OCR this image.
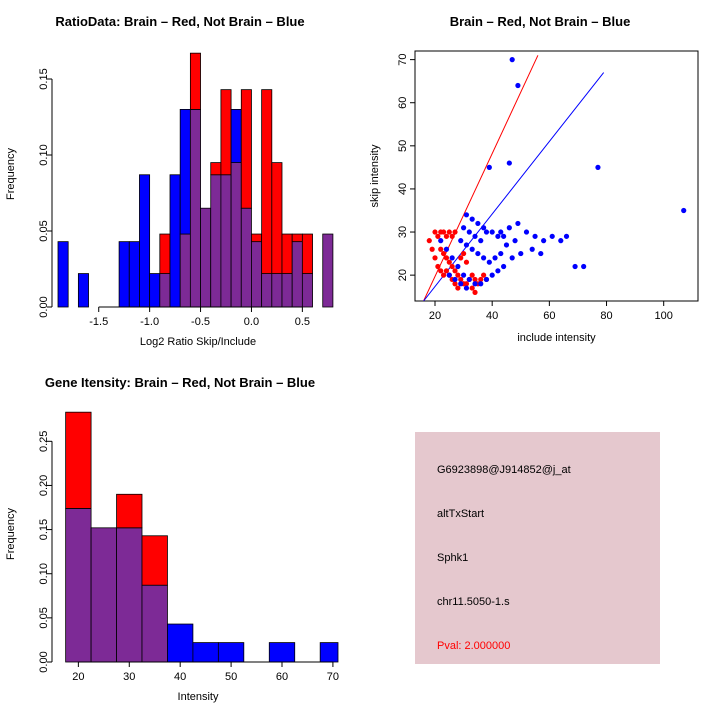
RatioData: Brain – Red, Not Brain – Blue
-1.5	-1.0	-0.5	0.0	0.5
0.00
0.05
0.10
0.15
Log2 Ratio Skip/Include
Frequency
Brain – Red, Not Brain – Blue
20	40	60	80	100
20
30
40
50
60
70
include intensity
skip intensity
Gene Itensity: Brain – Red, Not Brain – Blue
20	30	40	50	60	70
0.00
0.05
0.10
0.15
0.20
0.25
Intensity
Frequency
G6923898@J914852@j_at
altTxStart
Sphk1
chr11.5050-1.s
Pval: 2.000000
